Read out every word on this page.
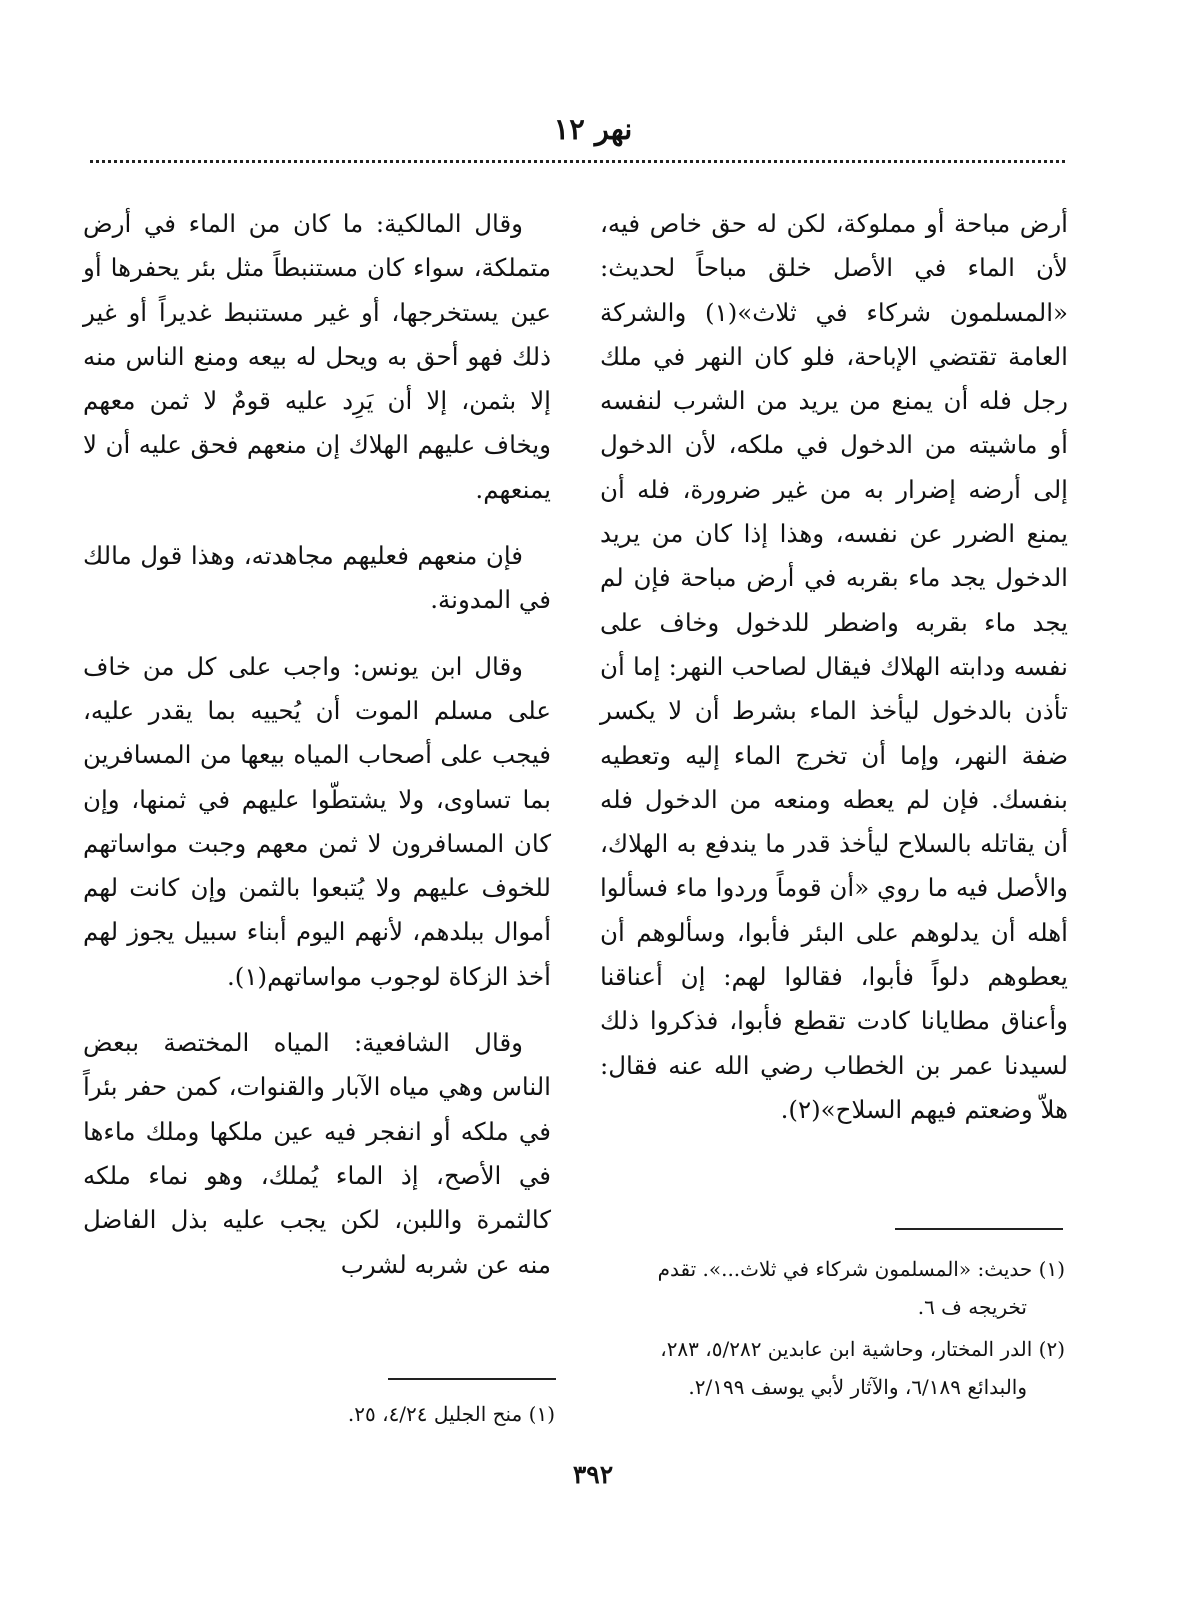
نهر ١٢

أرض مباحة أو مملوكة، لكن له حق خاص فيه، لأن الماء في الأصل خلق مباحاً لحديث: «المسلمون شركاء في ثلاث»(١) والشركة العامة تقتضي الإباحة، فلو كان النهر في ملك رجل فله أن يمنع من يريد من الشرب لنفسه أو ماشيته من الدخول في ملكه، لأن الدخول إلى أرضه إضرار به من غير ضرورة، فله أن يمنع الضرر عن نفسه، وهذا إذا كان من يريد الدخول يجد ماء بقربه في أرض مباحة فإن لم يجد ماء بقربه واضطر للدخول وخاف على نفسه ودابته الهلاك فيقال لصاحب النهر: إما أن تأذن بالدخول ليأخذ الماء بشرط أن لا يكسر ضفة النهر، وإما أن تخرج الماء إليه وتعطيه بنفسك. فإن لم يعطه ومنعه من الدخول فله أن يقاتله بالسلاح ليأخذ قدر ما يندفع به الهلاك، والأصل فيه ما روي «أن قوماً وردوا ماء فسألوا أهله أن يدلوهم على البئر فأبوا، وسألوهم أن يعطوهم دلواً فأبوا، فقالوا لهم: إن أعناقنا وأعناق مطايانا كادت تقطع فأبوا، فذكروا ذلك لسيدنا عمر بن الخطاب رضي الله عنه فقال: هلاّ وضعتم فيهم السلاح»(٢).

(١) حديث: «المسلمون شركاء في ثلاث...». تقدم تخريجه ف ٦.
(٢) الدر المختار، وحاشية ابن عابدين ٥/٢٨٢، ٢٨٣، والبدائع ٦/١٨٩، والآثار لأبي يوسف ٢/١٩٩.

وقال المالكية: ما كان من الماء في أرض متملكة، سواء كان مستنبطاً مثل بئر يحفرها أو عين يستخرجها، أو غير مستنبط غديراً أو غير ذلك فهو أحق به ويحل له بيعه ومنع الناس منه إلا بثمن، إلا أن يَرِد عليه قومٌ لا ثمن معهم ويخاف عليهم الهلاك إن منعهم فحق عليه أن لا يمنعهم.

فإن منعهم فعليهم مجاهدته، وهذا قول مالك في المدونة.

وقال ابن يونس: واجب على كل من خاف على مسلم الموت أن يُحييه بما يقدر عليه، فيجب على أصحاب المياه بيعها من المسافرين بما تساوى، ولا يشتطّوا عليهم في ثمنها، وإن كان المسافرون لا ثمن معهم وجبت مواساتهم للخوف عليهم ولا يُتبعوا بالثمن وإن كانت لهم أموال ببلدهم، لأنهم اليوم أبناء سبيل يجوز لهم أخذ الزكاة لوجوب مواساتهم(١).

وقال الشافعية: المياه المختصة ببعض الناس وهي مياه الآبار والقنوات، كمن حفر بئراً في ملكه أو انفجر فيه عين ملكها وملك ماءها في الأصح، إذ الماء يُملك، وهو نماء ملكه كالثمرة واللبن، لكن يجب عليه بذل الفاضل منه عن شربه لشرب

(١) منح الجليل ٤/٢٤، ٢٥.
٣٩٢
